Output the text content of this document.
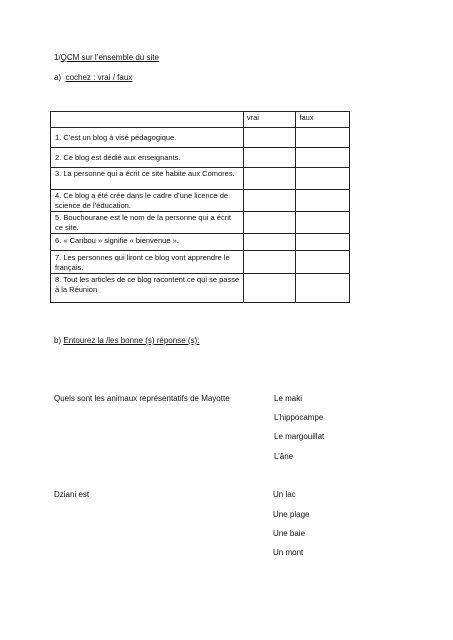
1/QCM sur l’ensemble du site
a) cochez : vrai / faux
	vrai	faux
1. C’est un blog à visé pédagogique.		
2. Ce blog est dédié aux enseignants.		
3. La personne qui a écrit ce site habite aux Comores.		
4. Ce blog a été crée dans le cadre d’une licence de science de l’éducation.		
5. Bouchourane est le nom de la personne qui a écrit ce site.		
6. « Caribou » signifie « bienvenue ».		
7. Les personnes qui liront ce blog vont apprendre le français.		
8. Tout les articles de ce blog racontent ce qui se passe à la Réunion		
b) Entourez la /les bonne (s) réponse (s):
Quels sont les animaux représentatifs de Mayotte	Le maki
L’hippocampe
Le margouillat
L’âne
Dziani est	Un lac
Une plage
Une baie
Un mont
